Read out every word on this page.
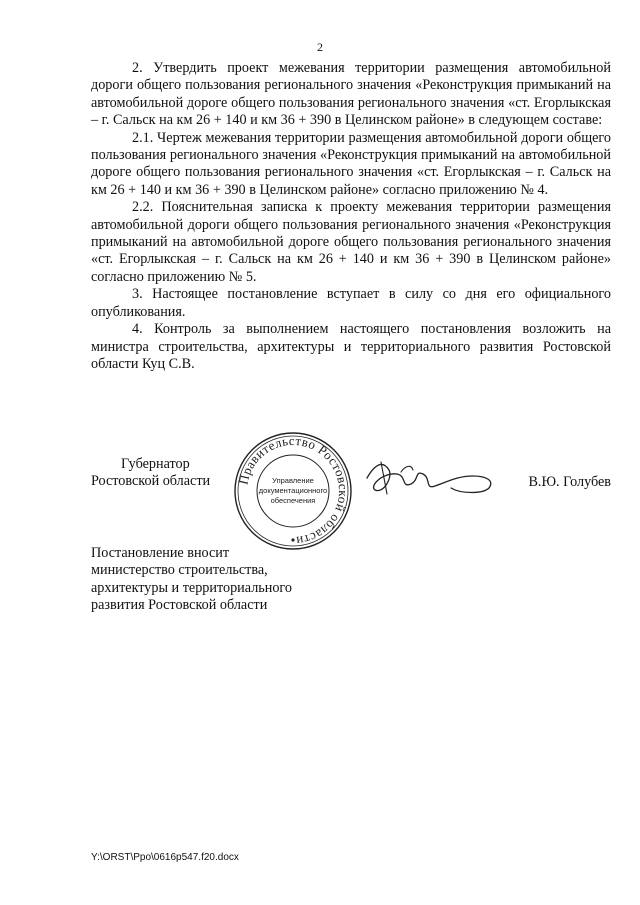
2

2. Утвердить проект межевания территории размещения автомобильной дороги общего пользования регионального значения «Реконструкция примыканий на автомобильной дороге общего пользования регионального значения «ст. Егорлыкская – г. Сальск на км 26 + 140 и км 36 + 390 в Целинском районе» в следующем составе:

2.1. Чертеж межевания территории размещения автомобильной дороги общего пользования регионального значения «Реконструкция примыканий на автомобильной дороге общего пользования регионального значения «ст. Егорлыкская – г. Сальск на км 26 + 140 и км 36 + 390 в Целинском районе» согласно приложению № 4.

2.2. Пояснительная записка к проекту межевания территории размещения автомобильной дороги общего пользования регионального значения «Реконструкция примыканий на автомобильной дороге общего пользования регионального значения «ст. Егорлыкская – г. Сальск на км 26 + 140 и км 36 + 390 в Целинском районе» согласно приложению № 5.

3. Настоящее постановление вступает в силу со дня его официального опубликования.

4. Контроль за выполнением настоящего постановления возложить на министра строительства, архитектуры и территориального развития Ростовской области Куц С.В.

Губернатор
Ростовской области Правительство Ростовской области
Управление
документационного
обеспечения
В.Ю. Голубев
Постановление вносит
министерство строительства,
архитектуры и территориального
развития Ростовской области
Y:\ORST\Ppo\0616p547.f20.docx
